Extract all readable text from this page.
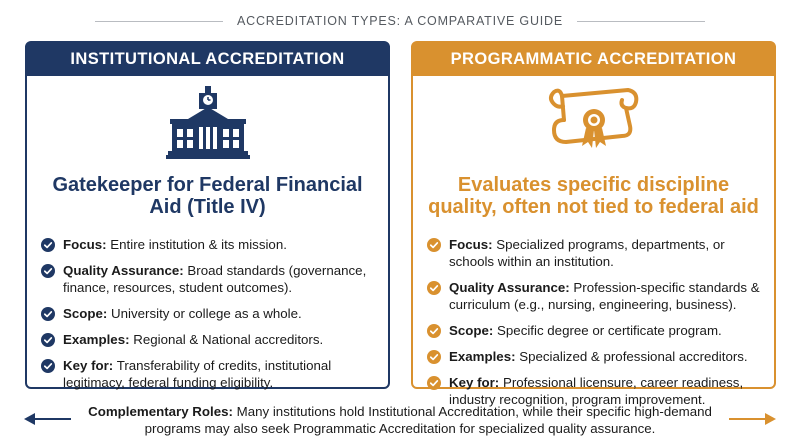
ACCREDITATION TYPES: A COMPARATIVE GUIDE
INSTITUTIONAL ACCREDITATION
Gatekeeper for Federal Financial Aid (Title IV)
Focus: Entire institution & its mission.
Quality Assurance: Broad standards (governance, finance, resources, student outcomes).
Scope: University or college as a whole.
Examples: Regional & National accreditors.
Key for: Transferability of credits, institutional legitimacy, federal funding eligibility.
PROGRAMMATIC ACCREDITATION
Evaluates specific discipline quality, often not tied to federal aid
Focus: Specialized programs, departments, or schools within an institution.
Quality Assurance: Profession-specific standards & curriculum (e.g., nursing, engineering, business).
Scope: Specific degree or certificate program.
Examples: Specialized & professional accreditors.
Key for: Professional licensure, career readiness, industry recognition, program improvement.
Complementary Roles: Many institutions hold Institutional Accreditation, while their specific high-demand programs may also seek Programmatic Accreditation for specialized quality assurance.
